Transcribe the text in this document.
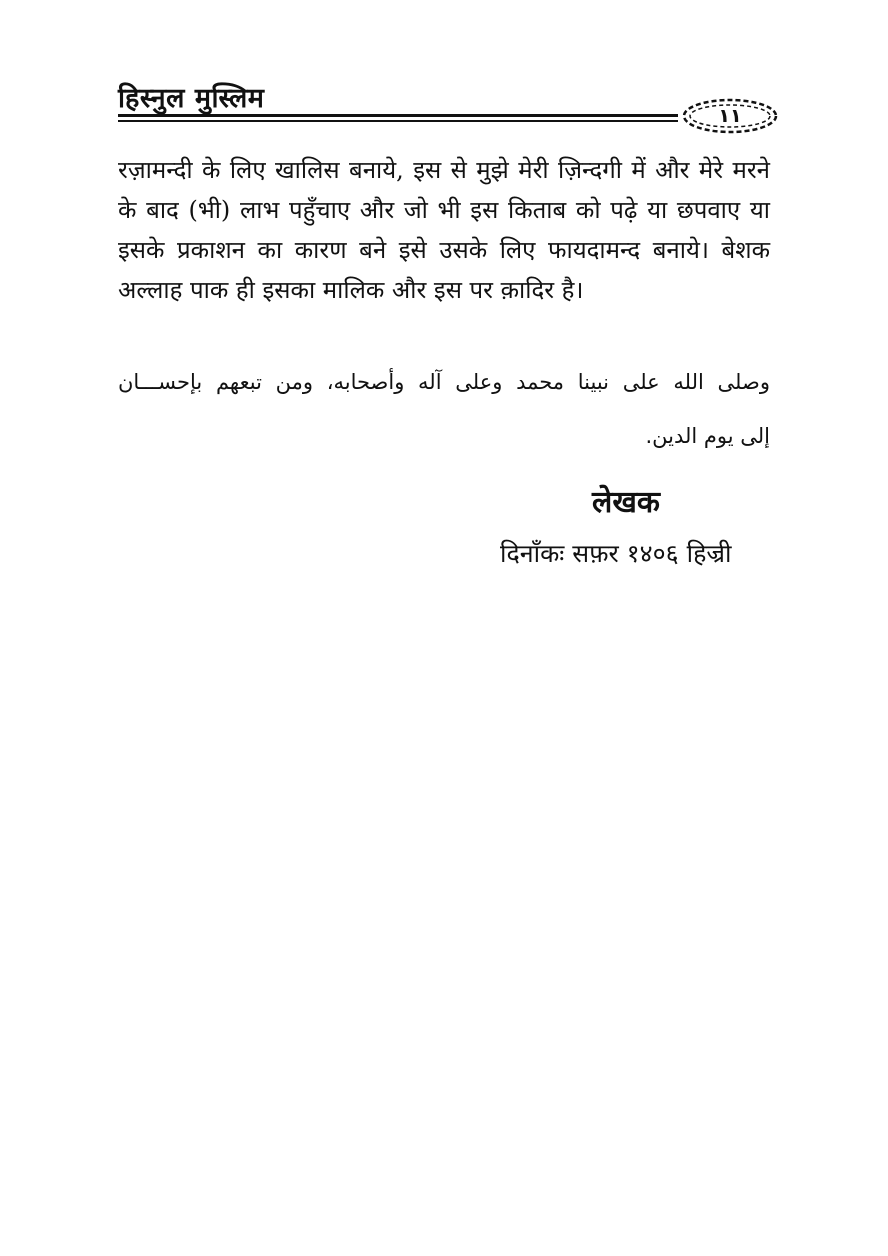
हिस्नुल मुस्लिम
١١

रज़ामन्दी के लिए खालिस बनाये, इस से मुझे मेरी ज़िन्दगी में और मेरे मरने के बाद (भी) लाभ पहुँचाए और जो भी इस किताब को पढ़े या छपवाए या इसके प्रकाशन का कारण बने इसे उसके लिए फायदामन्द बनाये। बेशक अल्लाह पाक ही इसका मालिक और इस पर क़ादिर है।

وصلى الله على نبينا محمد وعلى آله وأصحابه، ومن تبعهم بإحســـان

إلى يوم الدين.

लेखक
दिनाँकः सफ़र १४०६ हिज्री
